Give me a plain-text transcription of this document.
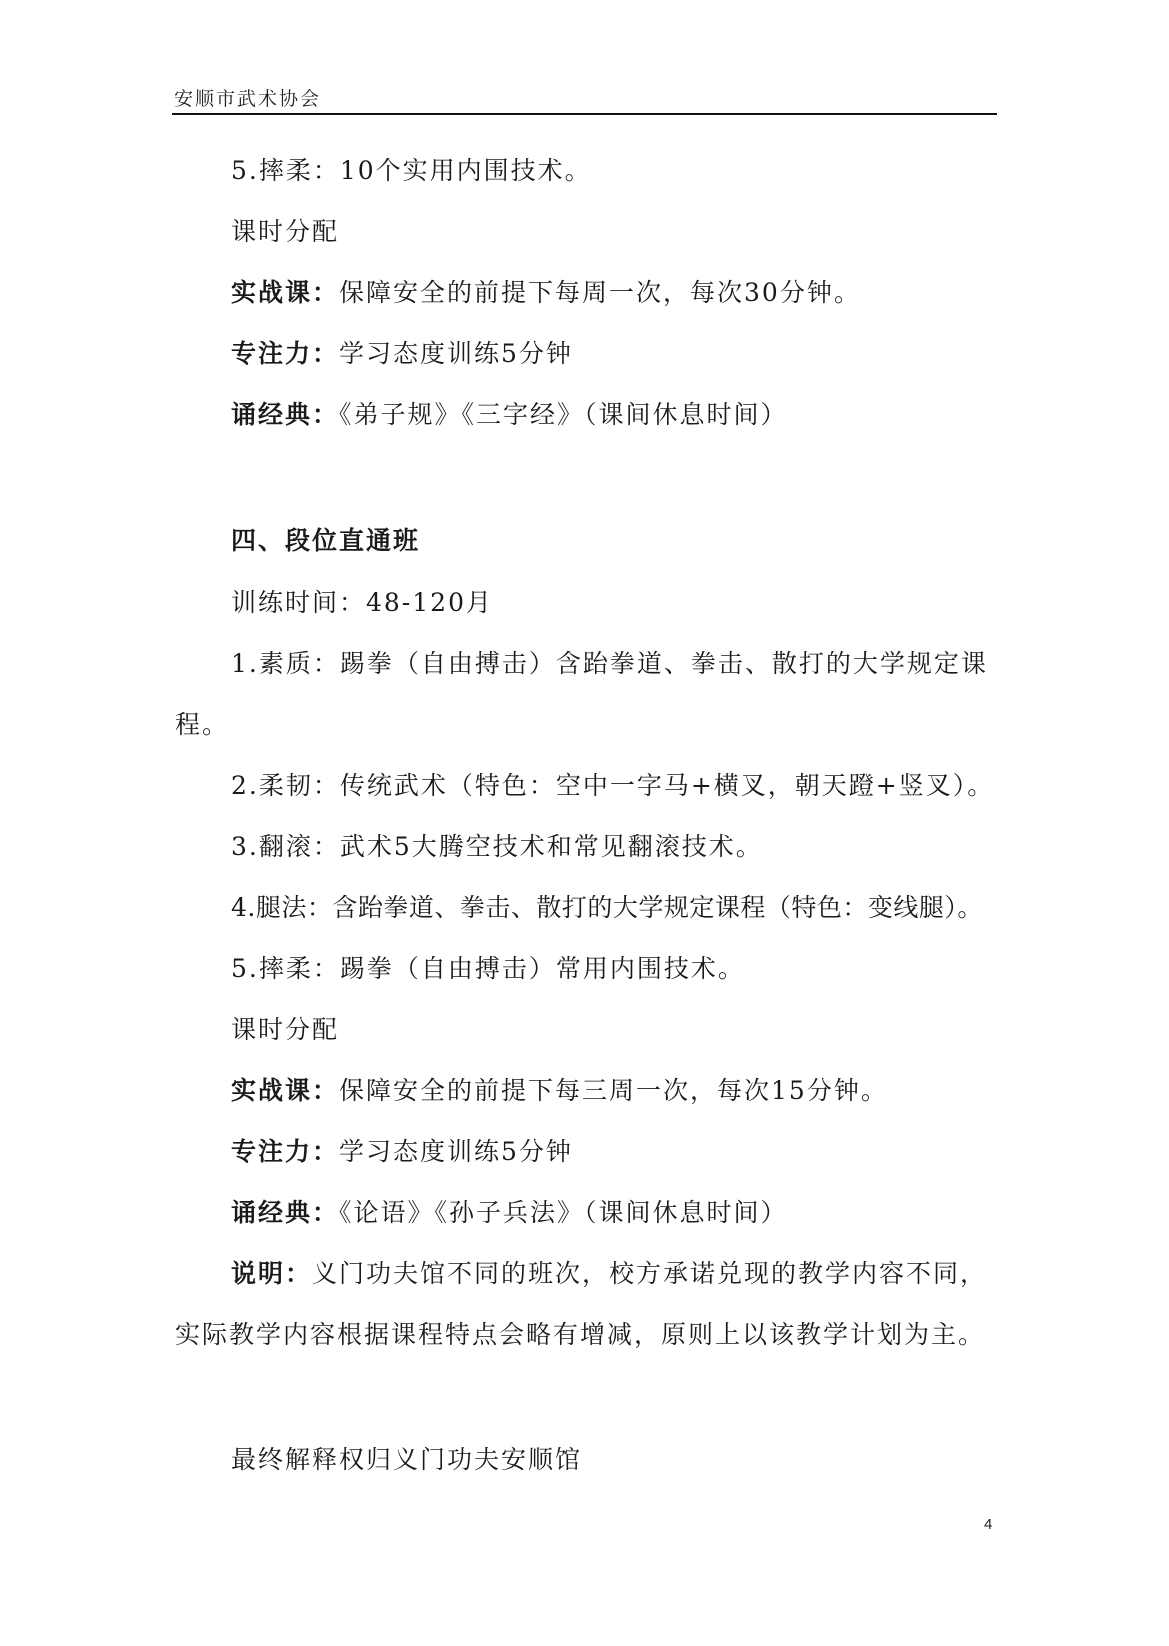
安顺市武术协会
5.摔柔：10个实用内围技术。
课时分配
实战课：保障安全的前提下每周一次，每次30分钟。
专注力：学习态度训练5分钟
诵经典：《弟子规》《三字经》（课间休息时间）
四、段位直通班
训练时间：48-120月
1.素质：踢拳（自由搏击）含跆拳道、拳击、散打的大学规定课
程。
2.柔韧：传统武术（特色：空中一字马+横叉，朝天蹬+竖叉）。
3.翻滚：武术5大腾空技术和常见翻滚技术。
4.腿法：含跆拳道、拳击、散打的大学规定课程（特色：变线腿）。
5.摔柔：踢拳（自由搏击）常用内围技术。
课时分配
实战课：保障安全的前提下每三周一次，每次15分钟。
专注力：学习态度训练5分钟
诵经典：《论语》《孙子兵法》（课间休息时间）
说明：义门功夫馆不同的班次，校方承诺兑现的教学内容不同，
实际教学内容根据课程特点会略有增减，原则上以该教学计划为主。
最终解释权归义门功夫安顺馆
4
